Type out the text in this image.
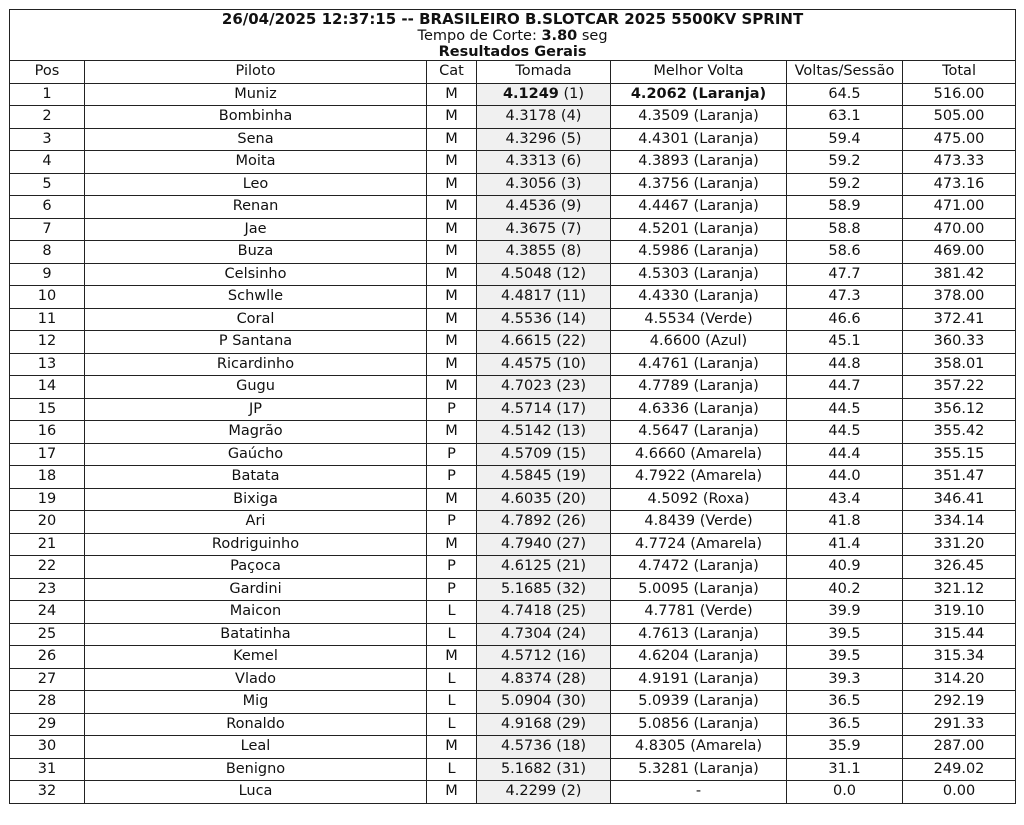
26/04/2025 12:37:15 -- BRASILEIRO B.SLOTCAR 2025 5500KV SPRINT						
Tempo de Corte: 3.80 seg						
Resultados Gerais						
Pos	Piloto	Cat	Tomada	Melhor Volta	Voltas/Sessão	Total
1	Muniz	M	4.1249 (1)	4.2062 (Laranja)	64.5	516.00
2	Bombinha	M	4.3178 (4)	4.3509 (Laranja)	63.1	505.00
3	Sena	M	4.3296 (5)	4.4301 (Laranja)	59.4	475.00
4	Moita	M	4.3313 (6)	4.3893 (Laranja)	59.2	473.33
5	Leo	M	4.3056 (3)	4.3756 (Laranja)	59.2	473.16
6	Renan	M	4.4536 (9)	4.4467 (Laranja)	58.9	471.00
7	Jae	M	4.3675 (7)	4.5201 (Laranja)	58.8	470.00
8	Buza	M	4.3855 (8)	4.5986 (Laranja)	58.6	469.00
9	Celsinho	M	4.5048 (12)	4.5303 (Laranja)	47.7	381.42
10	Schwlle	M	4.4817 (11)	4.4330 (Laranja)	47.3	378.00
11	Coral	M	4.5536 (14)	4.5534 (Verde)	46.6	372.41
12	P Santana	M	4.6615 (22)	4.6600 (Azul)	45.1	360.33
13	Ricardinho	M	4.4575 (10)	4.4761 (Laranja)	44.8	358.01
14	Gugu	M	4.7023 (23)	4.7789 (Laranja)	44.7	357.22
15	JP	P	4.5714 (17)	4.6336 (Laranja)	44.5	356.12
16	Magrão	M	4.5142 (13)	4.5647 (Laranja)	44.5	355.42
17	Gaúcho	P	4.5709 (15)	4.6660 (Amarela)	44.4	355.15
18	Batata	P	4.5845 (19)	4.7922 (Amarela)	44.0	351.47
19	Bixiga	M	4.6035 (20)	4.5092 (Roxa)	43.4	346.41
20	Ari	P	4.7892 (26)	4.8439 (Verde)	41.8	334.14
21	Rodriguinho	M	4.7940 (27)	4.7724 (Amarela)	41.4	331.20
22	Paçoca	P	4.6125 (21)	4.7472 (Laranja)	40.9	326.45
23	Gardini	P	5.1685 (32)	5.0095 (Laranja)	40.2	321.12
24	Maicon	L	4.7418 (25)	4.7781 (Verde)	39.9	319.10
25	Batatinha	L	4.7304 (24)	4.7613 (Laranja)	39.5	315.44
26	Kemel	M	4.5712 (16)	4.6204 (Laranja)	39.5	315.34
27	Vlado	L	4.8374 (28)	4.9191 (Laranja)	39.3	314.20
28	Mig	L	5.0904 (30)	5.0939 (Laranja)	36.5	292.19
29	Ronaldo	L	4.9168 (29)	5.0856 (Laranja)	36.5	291.33
30	Leal	M	4.5736 (18)	4.8305 (Amarela)	35.9	287.00
31	Benigno	L	5.1682 (31)	5.3281 (Laranja)	31.1	249.02
32	Luca	M	4.2299 (2)	-	0.0	0.00
